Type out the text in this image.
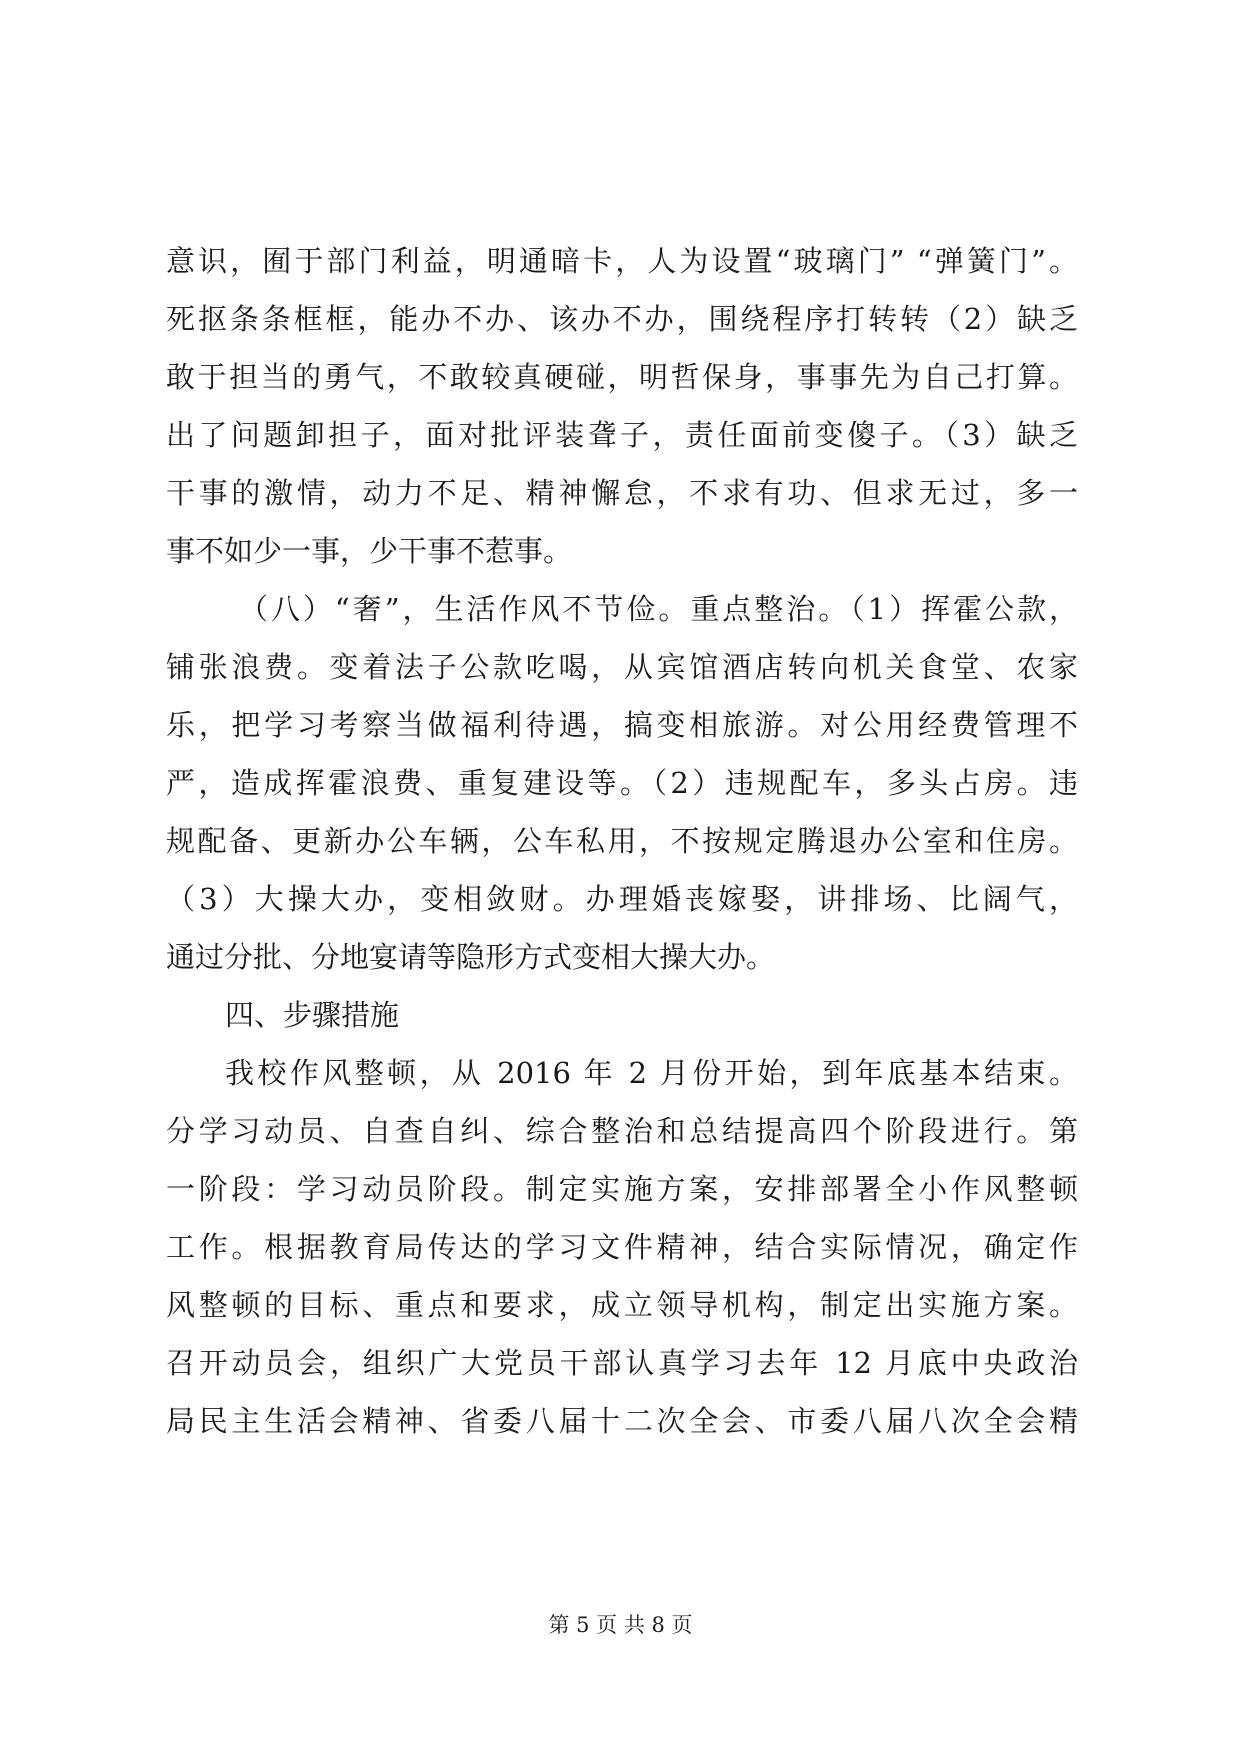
意识，囿于部门利益，明通暗卡，人为设置“玻璃门” “弹簧门”。
死抠条条框框，能办不办、该办不办，围绕程序打转转（2）缺乏
敢于担当的勇气，不敢较真硬碰，明哲保身，事事先为自己打算。
出了问题卸担子，面对批评装聋子，责任面前变傻子。（3）缺乏
干事的激情，动力不足、精神懈怠，不求有功、但求无过，多一
事不如少一事，少干事不惹事。
（八）“奢”，生活作风不节俭。重点整治。（1）挥霍公款，
铺张浪费。变着法子公款吃喝，从宾馆酒店转向机关食堂、农家
乐，把学习考察当做福利待遇，搞变相旅游。对公用经费管理不
严，造成挥霍浪费、重复建设等。（2）违规配车，多头占房。违
规配备、更新办公车辆，公车私用，不按规定腾退办公室和住房。
（3）大操大办，变相敛财。办理婚丧嫁娶，讲排场、比阔气，
通过分批、分地宴请等隐形方式变相大操大办。
四、步骤措施
我校作风整顿，从 2016 年 2 月份开始，到年底基本结束。
分学习动员、自查自纠、综合整治和总结提高四个阶段进行。第
一阶段：学习动员阶段。制定实施方案，安排部署全小作风整顿
工作。根据教育局传达的学习文件精神，结合实际情况，确定作
风整顿的目标、重点和要求，成立领导机构，制定出实施方案。
召开动员会，组织广大党员干部认真学习去年 12 月底中央政治
局民主生活会精神、省委八届十二次全会、市委八届八次全会精
第 5 页 共 8 页
